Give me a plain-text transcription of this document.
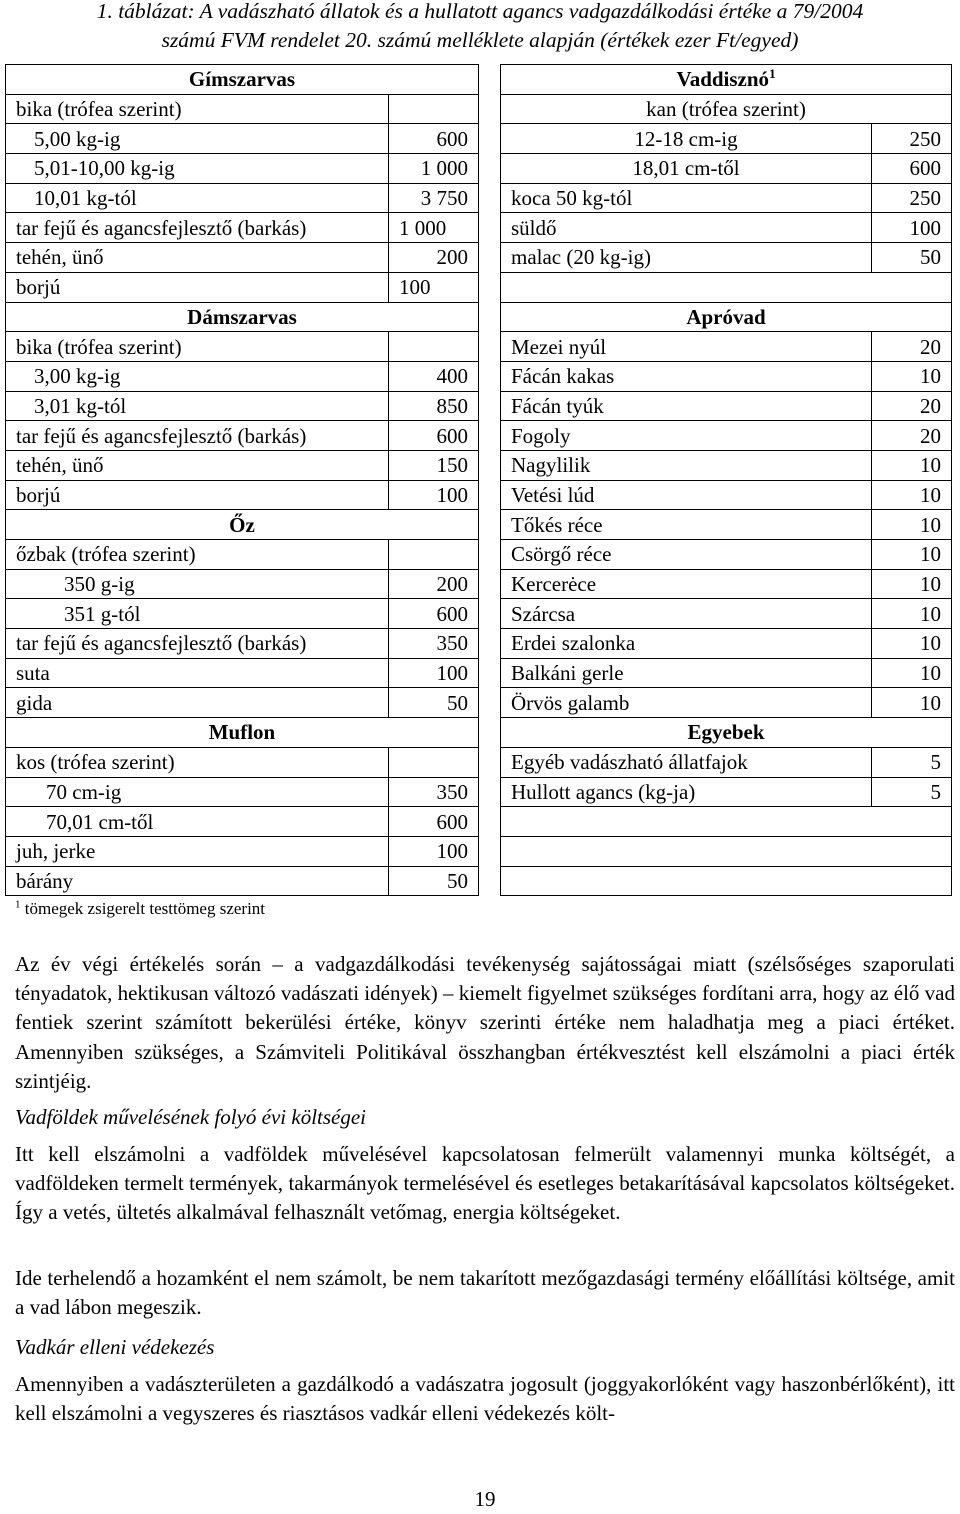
1. táblázat: A vadászható állatok és a hullatott agancs vadgazdálkodási értéke a 79/2004
számú FVM rendelet 20. számú melléklete alapján (értékek ezer Ft/egyed)
Gímszarvas			Vaddisznó$^1$
bika (trófea szerint)			kan (trófea szerint)	
5,00 kg-ig	600		12-18 cm-ig	250
5,01-10,00 kg-ig	1 000		18,01 cm-től	600
10,01 kg-tól	3 750		koca 50 kg-tól	250
tar fejű és agancsfejlesztő (barkás)	1 000		süldő	100
tehén, ünő	200		malac (20 kg-ig)	50
borjú	100			
Dámszarvas			Apróvad	
bika (trófea szerint)			Mezei nyúl	20
3,00 kg-ig	400		Fácán kakas	10
3,01 kg-tól	850		Fácán tyúk	20
tar fejű és agancsfejlesztő (barkás)	600		Fogoly	20
tehén, ünő	150		Nagylilik	10
borjú	100		Vetési lúd	10
Őz			Tőkés réce	10
őzbak (trófea szerint)			Csörgő réce	10
350 g-ig	200		Kercerėce	10
351 g-tól	600		Szárcsa	10
tar fejű és agancsfejlesztő (barkás)	350		Erdei szalonka	10
suta	100		Balkáni gerle	10
gida	50		Örvös galamb	10
Muflon			Egyebek	
kos (trófea szerint)			Egyéb vadászható állatfajok	5
70 cm-ig	350		Hullott agancs (kg-ja)	5
70,01 cm-től	600			
juh, jerke	100			
bárány	50			
$^1$ tömegek zsigerelt testtömeg szerint
Az év végi értékelés során – a vadgazdálkodási tevékenység sajátosságai miatt (szélsőséges szaporulati tényadatok, hektikusan változó vadászati idények) – kiemelt figyelmet szükséges fordítani arra, hogy az élő vad fentiek szerint számított bekerülési értéke, könyv szerinti értéke nem haladhatja meg a piaci értéket. Amennyiben szükséges, a Számviteli Politikával összhangban értékvesztést kell elszámolni a piaci érték szintjéig.
Vadföldek művelésének folyó évi költségei
Itt kell elszámolni a vadföldek művelésével kapcsolatosan felmerült valamennyi munka költségét, a vadföldeken termelt termények, takarmányok termelésével és esetleges betakarításával kapcsolatos költségeket. Így a vetés, ültetés alkalmával felhasznált vetőmag, energia költségeket.
Ide terhelendő a hozamként el nem számolt, be nem takarított mezőgazdasági termény előállítási költsége, amit a vad lábon megeszik.
Vadkár elleni védekezés
Amennyiben a vadászterületen a gazdálkodó a vadászatra jogosult (joggyakorlóként vagy haszonbérlőként), itt kell elszámolni a vegyszeres és riasztásos vadkár elleni védekezés költ-
19
